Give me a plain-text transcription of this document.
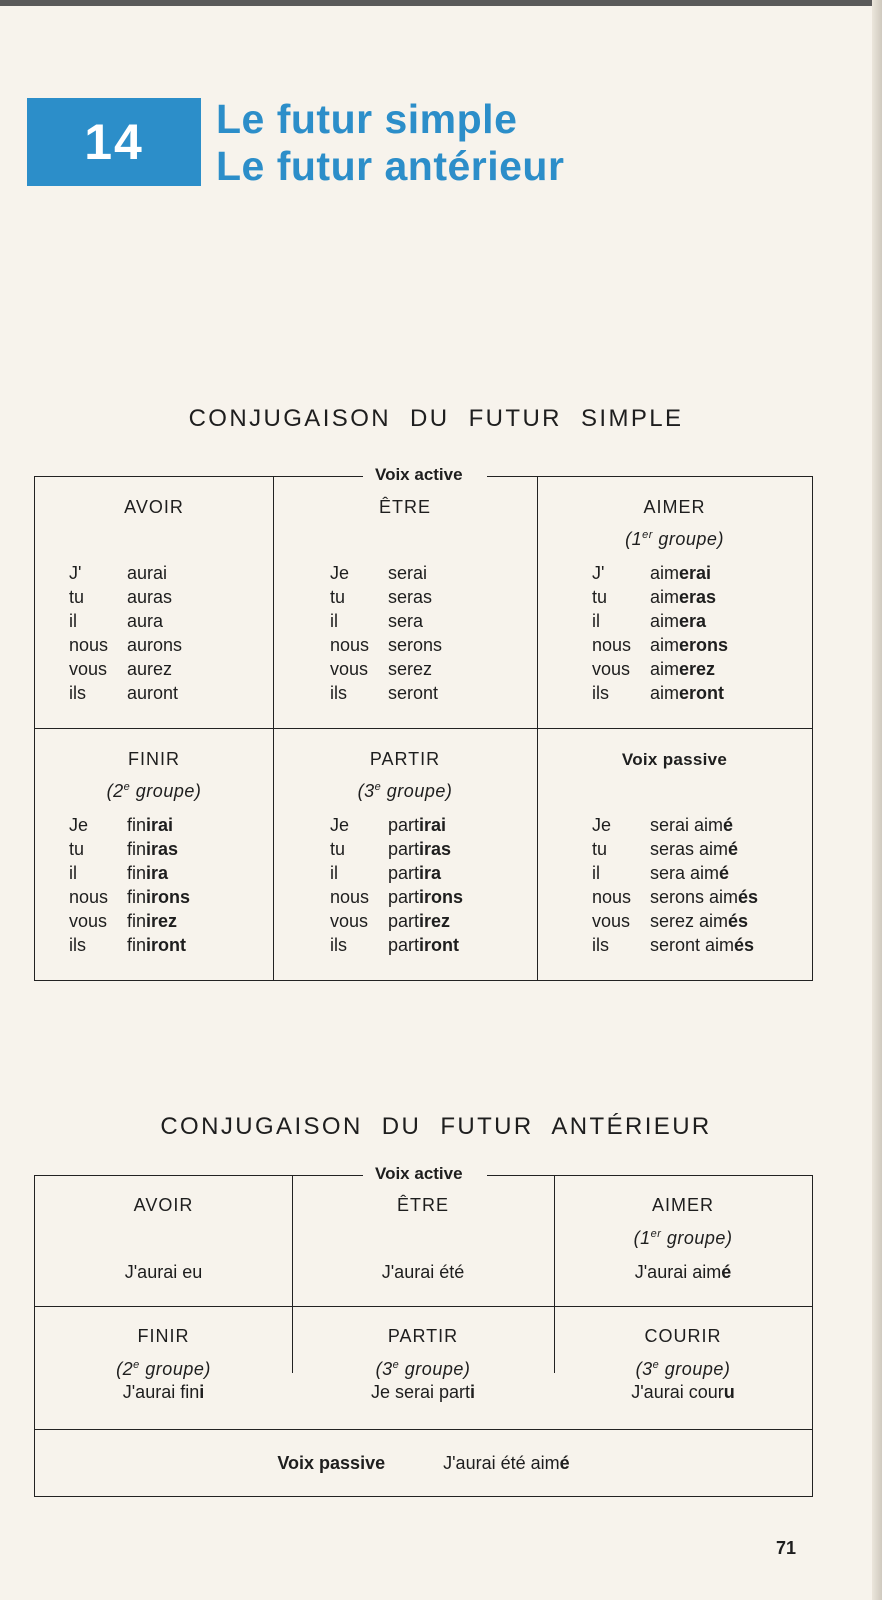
14 Le futur simple
Le futur antérieur
CONJUGAISON DU FUTUR SIMPLE
Voix active
AVOIR
J'	aurai
tu	auras
il	aura
nous	aurons
vous	aurez
ils	auront
ÊTRE
Je	serai
tu	seras
il	sera
nous	serons
vous	serez
ils	seront
AIMER
(1er groupe)
J'	aimerai
tu	aimeras
il	aimera
nous	aimerons
vous	aimerez
ils	aimeront
FINIR
(2e groupe)
Je	finirai
tu	finiras
il	finira
nous	finirons
vous	finirez
ils	finiront
PARTIR
(3e groupe)
Je	partirai
tu	partiras
il	partira
nous	partirons
vous	partirez
ils	partiront
Voix passive
Je	serai aimé
tu	seras aimé
il	sera aimé
nous	serons aimés
vous	serez aimés
ils	seront aimés
CONJUGAISON DU FUTUR ANTÉRIEUR
Voix active
AVOIR
J'aurai eu
ÊTRE
J'aurai été
AIMER
(1er groupe)
J'aurai aimé
FINIR
(2e groupe)
J'aurai fini
PARTIR
(3e groupe)
Je serai parti
COURIR
(3e groupe)
J'aurai couru
Voix passive	J'aurai été aimé
71
